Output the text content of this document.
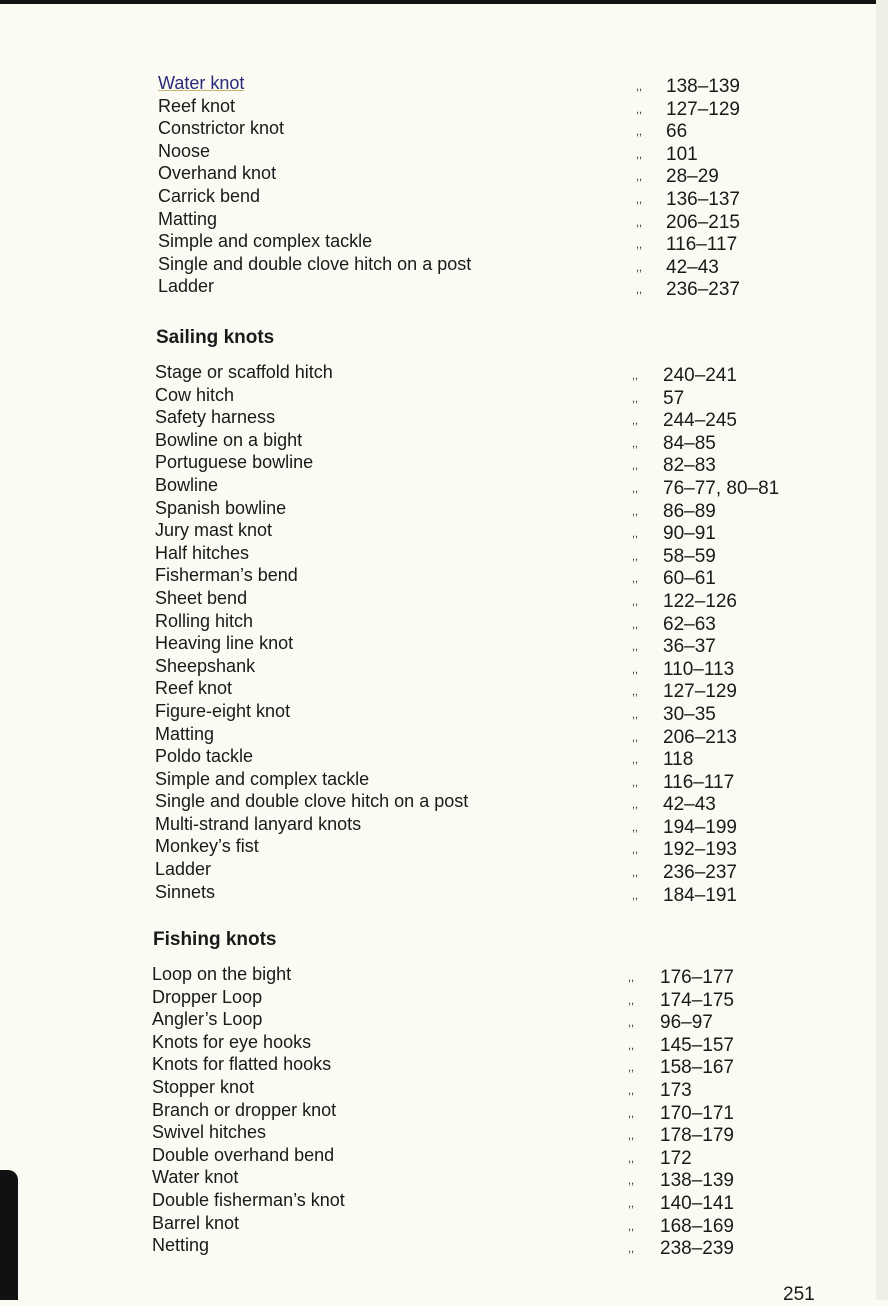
Water knot	,, 138–139
Reef knot	,, 127–129
Constrictor knot	,, 66
Noose	,, 101
Overhand knot	,, 28–29
Carrick bend	,, 136–137
Matting	,, 206–215
Simple and complex tackle	,, 116–117
Single and double clove hitch on a post	,, 42–43
Ladder	,, 236–237
Sailing knots
Stage or scaffold hitch	,, 240–241
Cow hitch	,, 57
Safety harness	,, 244–245
Bowline on a bight	,, 84–85
Portuguese bowline	,, 82–83
Bowline	,, 76–77, 80–81
Spanish bowline	,, 86–89
Jury mast knot	,, 90–91
Half hitches	,, 58–59
Fisherman’s bend	,, 60–61
Sheet bend	,, 122–126
Rolling hitch	,, 62–63
Heaving line knot	,, 36–37
Sheepshank	,, 110–113
Reef knot	,, 127–129
Figure-eight knot	,, 30–35
Matting	,, 206–213
Poldo tackle	,, 118
Simple and complex tackle	,, 116–117
Single and double clove hitch on a post	,, 42–43
Multi-strand lanyard knots	,, 194–199
Monkey’s fist	,, 192–193
Ladder	,, 236–237
Sinnets	,, 184–191
Fishing knots
Loop on the bight	,, 176–177
Dropper Loop	,, 174–175
Angler’s Loop	,, 96–97
Knots for eye hooks	,, 145–157
Knots for flatted hooks	,, 158–167
Stopper knot	,, 173
Branch or dropper knot	,, 170–171
Swivel hitches	,, 178–179
Double overhand bend	,, 172
Water knot	,, 138–139
Double fisherman’s knot	,, 140–141
Barrel knot	,, 168–169
Netting	,, 238–239
251
